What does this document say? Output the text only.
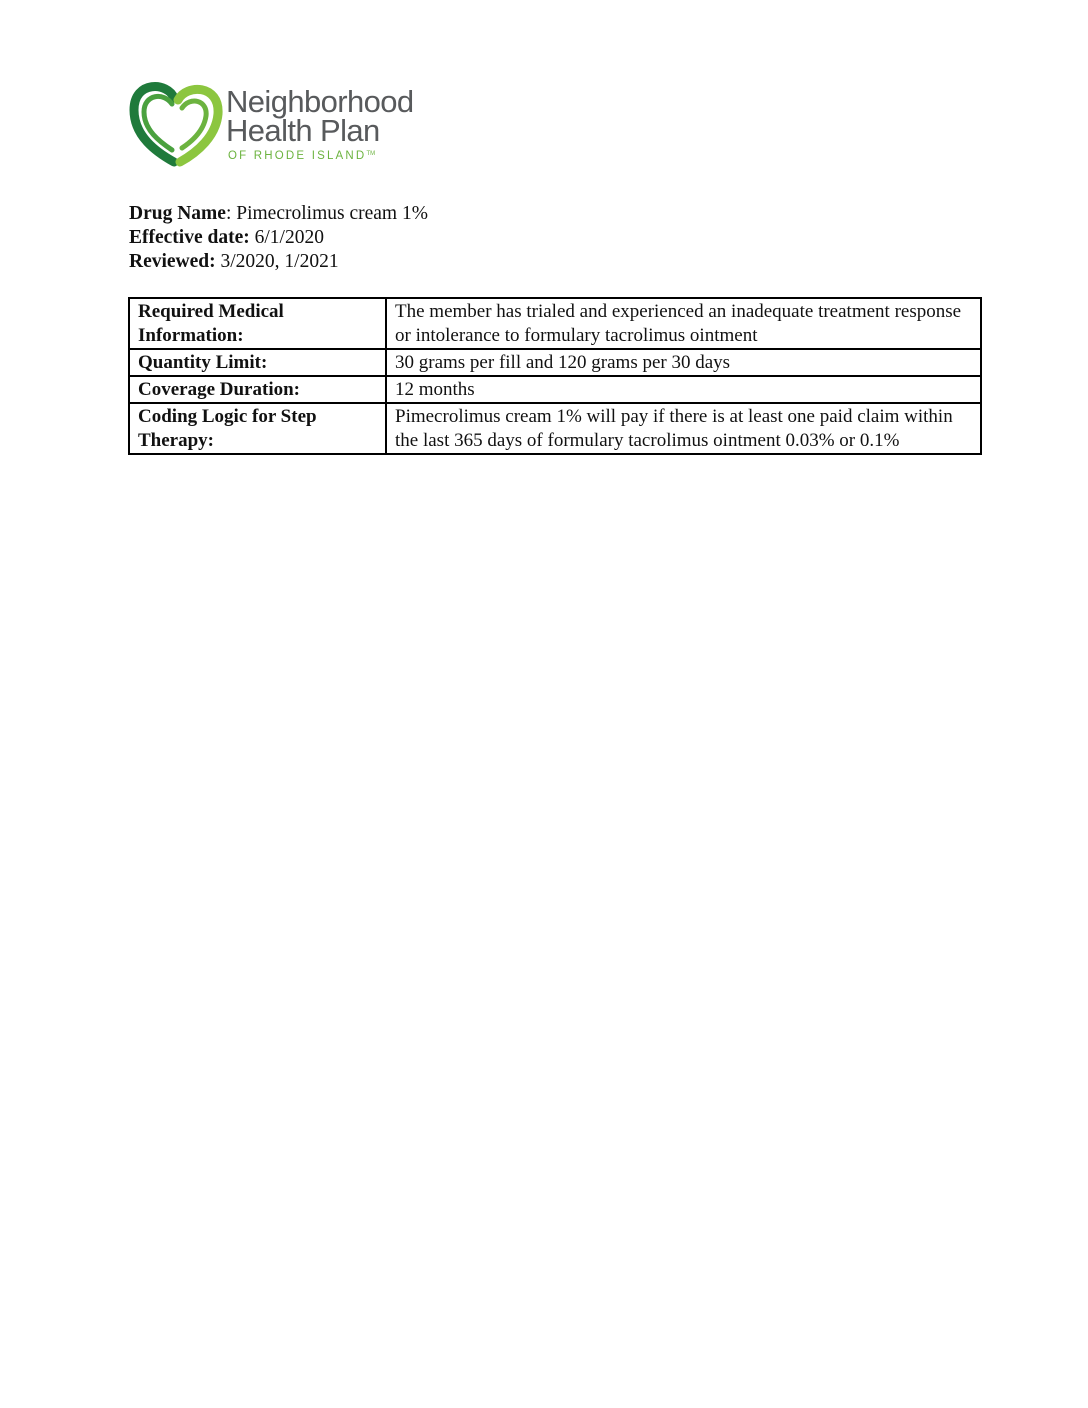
Neighborhood
Health Plan
OF RHODE ISLAND™
Drug Name: Pimecrolimus cream 1%
Effective date: 6/1/2020
Reviewed: 3/2020, 1/2021
Required Medical Information:	The member has trialed and experienced an inadequate treatment response or intolerance to formulary tacrolimus ointment
Quantity Limit:	30 grams per fill and 120 grams per 30 days
Coverage Duration:	12 months
Coding Logic for Step Therapy:	Pimecrolimus cream 1% will pay if there is at least one paid claim within the last 365 days of formulary tacrolimus ointment 0.03% or 0.1%
